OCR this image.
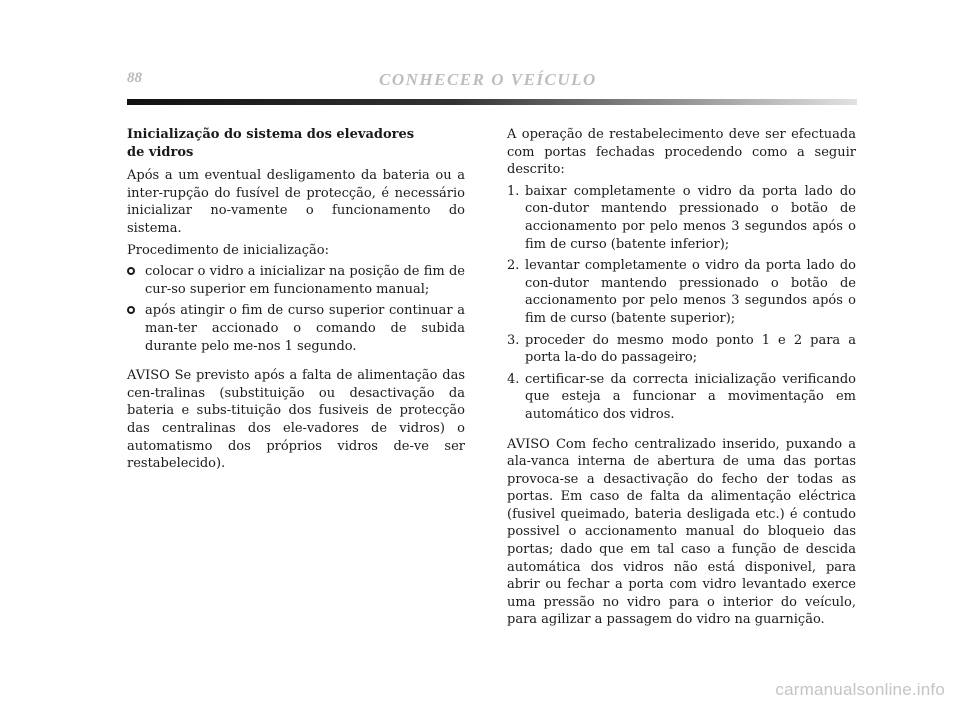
88	CONHECER O VEÍCULO

Inicialização do sistema dos elevadores
de vidros

Após a um eventual desligamento da bateria ou a inter-rupção do fusível de protecção, é necessário inicializar no-vamente o funcionamento do sistema.

Procedimento de inicialização:

colocar o vidro a inicializar na posição de fim de cur-so superior em funcionamento manual;
após atingir o fim de curso superior continuar a man-ter accionado o comando de subida durante pelo me-nos 1 segundo.

AVISO Se previsto após a falta de alimentação das cen-tralinas (substituição ou desactivação da bateria e subs-tituição dos fusiveis de protecção das centralinas dos ele-vadores de vidros) o automatismo dos próprios vidros de-ve ser restabelecido).

A operação de restabelecimento deve ser efectuada com portas fechadas procedendo como a seguir descrito:

1. baixar completamente o vidro da porta lado do con-dutor mantendo pressionado o botão de accionamento por pelo menos 3 segundos após o fim de curso (batente inferior);
2. levantar completamente o vidro da porta lado do con-dutor mantendo pressionado o botão de accionamento por pelo menos 3 segundos após o fim de curso (batente superior);
3. proceder do mesmo modo ponto 1 e 2 para a porta la-do do passageiro;
4. certificar-se da correcta inicialização verificando que esteja a funcionar a movimentação em automático dos vidros.

AVISO Com fecho centralizado inserido, puxando a ala-vanca interna de abertura de uma das portas provoca-se a desactivação do fecho der todas as portas. Em caso de falta da alimentação eléctrica (fusivel queimado, bateria desligada etc.) é contudo possivel o accionamento manual do bloqueio das portas; dado que em tal caso a função de descida automática dos vidros não está disponivel, para abrir ou fechar a porta com vidro levantado exerce uma pressão no vidro para o interior do veículo, para agilizar a passagem do vidro na guarnição.

carmanualsonline.info
